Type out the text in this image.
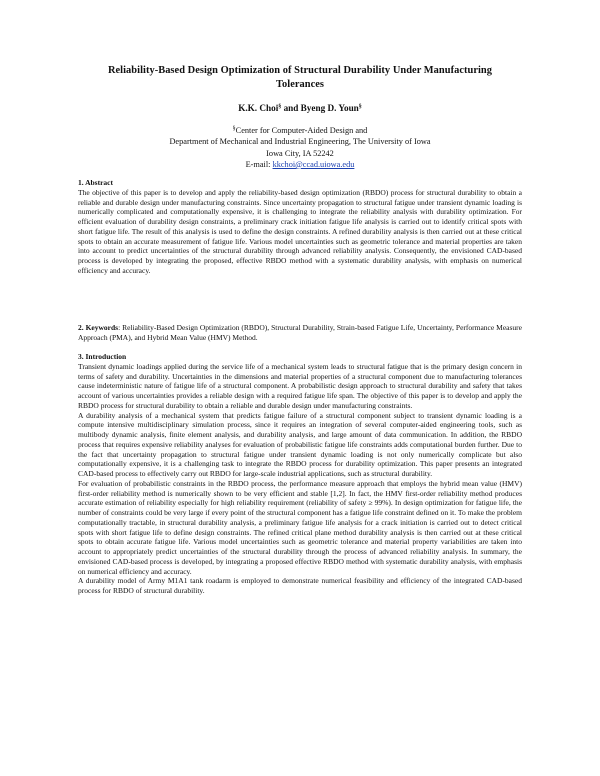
Reliability-Based Design Optimization of Structural Durability Under Manufacturing Tolerances
K.K. Choi§ and Byeng D. Youn§
§Center for Computer-Aided Design and
Department of Mechanical and Industrial Engineering, The University of Iowa
Iowa City, IA 52242
E-mail: kkchoi@ccad.uiowa.edu
1. Abstract

The objective of this paper is to develop and apply the reliability-based design optimization (RBDO) process for structural durability to obtain a reliable and durable design under manufacturing constraints. Since uncertainty propagation to structural fatigue under transient dynamic loading is numerically complicated and computationally expensive, it is challenging to integrate the reliability analysis with durability optimization. For efficient evaluation of durability design constraints, a preliminary crack initiation fatigue life analysis is carried out to identify critical spots with short fatigue life. The result of this analysis is used to define the design constraints. A refined durability analysis is then carried out at these critical spots to obtain an accurate measurement of fatigue life. Various model uncertainties such as geometric tolerance and material properties are taken into account to predict uncertainties of the structural durability through advanced reliability analysis. Consequently, the envisioned CAD-based process is developed by integrating the proposed, effective RBDO method with a systematic durability analysis, with emphasis on numerical efficiency and accuracy.

2. Keywords: Reliability-Based Design Optimization (RBDO), Structural Durability, Strain-based Fatigue Life, Uncertainty, Performance Measure Approach (PMA), and Hybrid Mean Value (HMV) Method.

3. Introduction

Transient dynamic loadings applied during the service life of a mechanical system leads to structural fatigue that is the primary design concern in terms of safety and durability. Uncertainties in the dimensions and material properties of a structural component due to manufacturing tolerances cause indeterministic nature of fatigue life of a structural component. A probabilistic design approach to structural durability and safety that takes account of various uncertainties provides a reliable design with a required fatigue life span. The objective of this paper is to develop and apply the RBDO process for structural durability to obtain a reliable and durable design under manufacturing constraints.

A durability analysis of a mechanical system that predicts fatigue failure of a structural component subject to transient dynamic loading is a compute intensive multidisciplinary simulation process, since it requires an integration of several computer-aided engineering tools, such as multibody dynamic analysis, finite element analysis, and durability analysis, and large amount of data communication. In addition, the RBDO process that requires expensive reliability analyses for evaluation of probabilistic fatigue life constraints adds computational burden further. Due to the fact that uncertainty propagation to structural fatigue under transient dynamic loading is not only numerically complicate but also computationally expensive, it is a challenging task to integrate the RBDO process for durability optimization. This paper presents an integrated CAD-based process to effectively carry out RBDO for large-scale industrial applications, such as structural durability.

For evaluation of probabilistic constraints in the RBDO process, the performance measure approach that employs the hybrid mean value (HMV) first-order reliability method is numerically shown to be very efficient and stable [1,2]. In fact, the HMV first-order reliability method produces accurate estimation of reliability especially for high reliability requirement (reliability of safety ≥ 99%). In design optimization for fatigue life, the number of constraints could be very large if every point of the structural component has a fatigue life constraint defined on it. To make the problem computationally tractable, in structural durability analysis, a preliminary fatigue life analysis for a crack initiation is carried out to detect critical spots with short fatigue life to define design constraints. The refined critical plane method durability analysis is then carried out at these critical spots to obtain accurate fatigue life. Various model uncertainties such as geometric tolerance and material property variabilities are taken into account to appropriately predict uncertainties of the structural durability through the process of advanced reliability analysis. In summary, the envisioned CAD-based process is developed, by integrating a proposed effective RBDO method with systematic durability analysis, with emphasis on numerical efficiency and accuracy.

A durability model of Army M1A1 tank roadarm is employed to demonstrate numerical feasibility and efficiency of the integrated CAD-based process for RBDO of structural durability.
